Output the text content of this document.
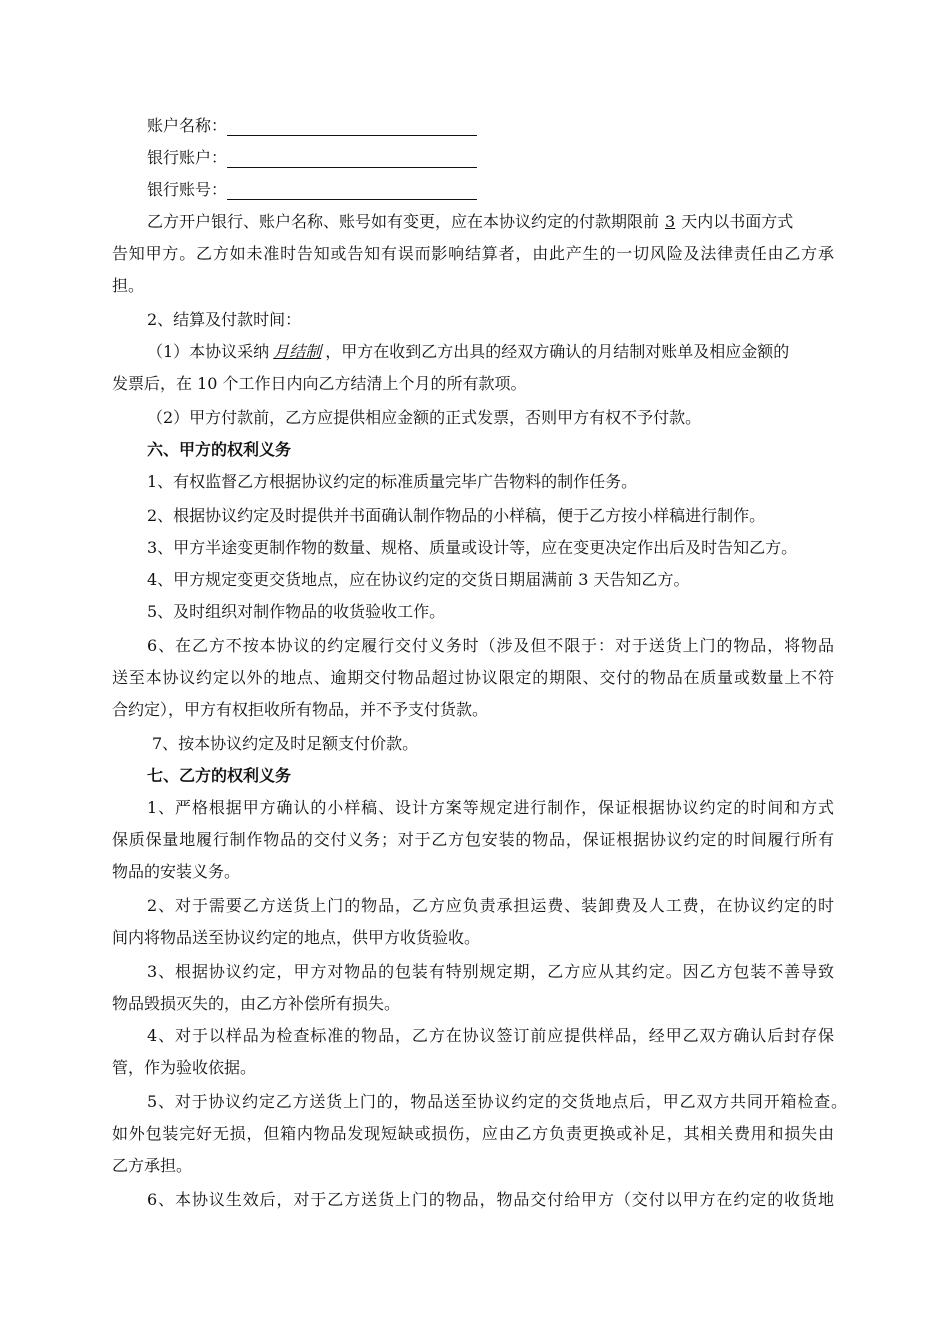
账户名称：
银行账户：
银行账号：
乙方开户银行、账户名称、账号如有变更，应在本协议约定的付款期限前 3 天内以书面方式
告知甲方。乙方如未准时告知或告知有误而影响结算者，由此产生的一切风险及法律责任由乙方承
担。
2、结算及付款时间：
（1）本协议采纳 月结制 ，甲方在收到乙方出具的经双方确认的月结制对账单及相应金额的
发票后，在 10 个工作日内向乙方结清上个月的所有款项。
（2）甲方付款前，乙方应提供相应金额的正式发票，否则甲方有权不予付款。
六、甲方的权利义务
1、有权监督乙方根据协议约定的标准质量完毕广告物料的制作任务。
2、根据协议约定及时提供并书面确认制作物品的小样稿，便于乙方按小样稿进行制作。
3、甲方半途变更制作物的数量、规格、质量或设计等，应在变更决定作出后及时告知乙方。
4、甲方规定变更交货地点，应在协议约定的交货日期届满前 3 天告知乙方。
5、及时组织对制作物品的收货验收工作。
6、在乙方不按本协议的约定履行交付义务时（涉及但不限于：对于送货上门的物品，将物品
送至本协议约定以外的地点、逾期交付物品超过协议限定的期限、交付的物品在质量或数量上不符
合约定），甲方有权拒收所有物品，并不予支付货款。
7、按本协议约定及时足额支付价款。
七、乙方的权利义务
1、严格根据甲方确认的小样稿、设计方案等规定进行制作，保证根据协议约定的时间和方式
保质保量地履行制作物品的交付义务；对于乙方包安装的物品，保证根据协议约定的时间履行所有
物品的安装义务。
2、对于需要乙方送货上门的物品，乙方应负责承担运费、装卸费及人工费，在协议约定的时
间内将物品送至协议约定的地点，供甲方收货验收。
3、根据协议约定，甲方对物品的包装有特别规定期，乙方应从其约定。因乙方包装不善导致
物品毁损灭失的，由乙方补偿所有损失。
4、对于以样品为检查标准的物品，乙方在协议签订前应提供样品，经甲乙双方确认后封存保
管，作为验收依据。
5、对于协议约定乙方送货上门的，物品送至协议约定的交货地点后，甲乙双方共同开箱检查。
如外包装完好无损，但箱内物品发现短缺或损伤，应由乙方负责更换或补足，其相关费用和损失由
乙方承担。
6、本协议生效后，对于乙方送货上门的物品，物品交付给甲方（交付以甲方在约定的收货地
